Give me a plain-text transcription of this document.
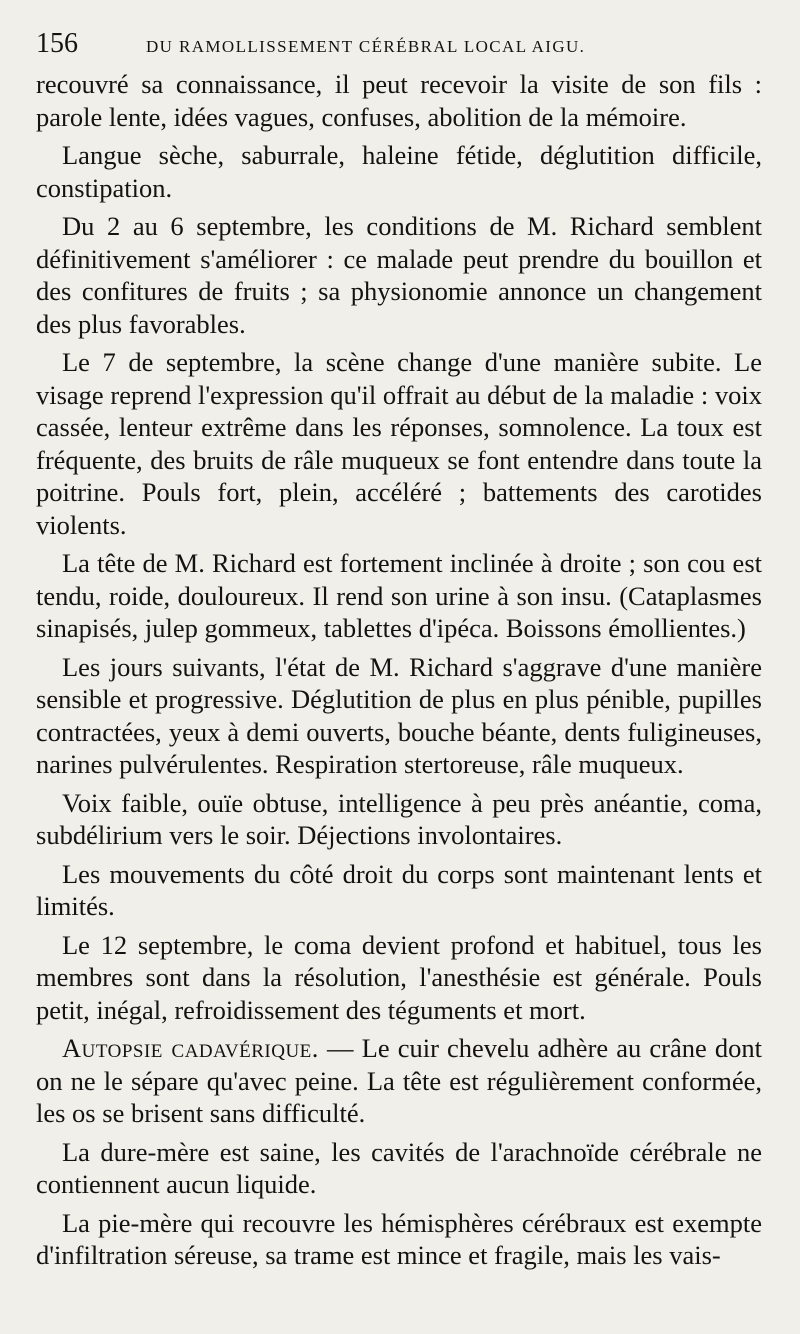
156	DU RAMOLLISSEMENT CÉRÉBRAL LOCAL AIGU.

recouvré sa connaissance, il peut recevoir la visite de son fils : parole lente, idées vagues, confuses, abolition de la mémoire.

Langue sèche, saburrale, haleine fétide, déglutition difficile, constipation.

Du 2 au 6 septembre, les conditions de M. Richard semblent définitivement s'améliorer : ce malade peut prendre du bouillon et des confitures de fruits ; sa physionomie annonce un changement des plus favorables.

Le 7 de septembre, la scène change d'une manière subite. Le visage reprend l'expression qu'il offrait au début de la maladie : voix cassée, lenteur extrême dans les réponses, somnolence. La toux est fréquente, des bruits de râle muqueux se font entendre dans toute la poitrine. Pouls fort, plein, accéléré ; battements des carotides violents.

La tête de M. Richard est fortement inclinée à droite ; son cou est tendu, roide, douloureux. Il rend son urine à son insu. (Cataplasmes sinapisés, julep gommeux, tablettes d'ipéca. Boissons émollientes.)

Les jours suivants, l'état de M. Richard s'aggrave d'une manière sensible et progressive. Déglutition de plus en plus pénible, pupilles contractées, yeux à demi ouverts, bouche béante, dents fuligineuses, narines pulvérulentes. Respiration stertoreuse, râle muqueux.

Voix faible, ouïe obtuse, intelligence à peu près anéantie, coma, subdélirium vers le soir. Déjections involontaires.

Les mouvements du côté droit du corps sont maintenant lents et limités.

Le 12 septembre, le coma devient profond et habituel, tous les membres sont dans la résolution, l'anesthésie est générale. Pouls petit, inégal, refroidissement des téguments et mort.

Autopsie cadavérique. — Le cuir chevelu adhère au crâne dont on ne le sépare qu'avec peine. La tête est régulièrement conformée, les os se brisent sans difficulté.

La dure-mère est saine, les cavités de l'arachnoïde cérébrale ne contiennent aucun liquide.

La pie-mère qui recouvre les hémisphères cérébraux est exempte d'infiltration séreuse, sa trame est mince et fragile, mais les vais-
